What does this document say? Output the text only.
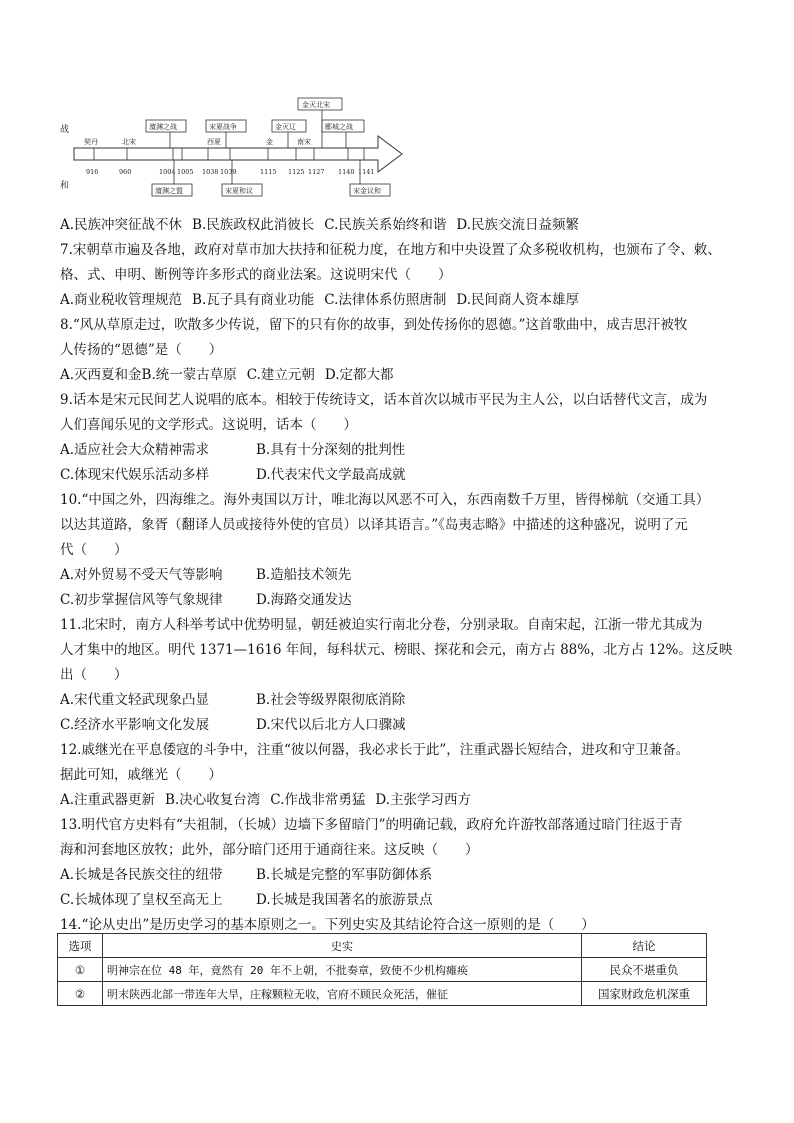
战
和
契丹	北宋	西夏	金	南宋
916	960	1004 1005 1038 1039	1115 1125 1127 1140 1141
澶渊之战	宋夏战争	金灭辽	郾城之战
金灭北宋
澶渊之盟	宋夏和议	宋金议和
A.民族冲突征战不休 B.民族政权此消彼长 C.民族关系始终和谐 D.民族交流日益频繁
7.宋朝草市遍及各地，政府对草市加大扶持和征税力度，在地方和中央设置了众多税收机构，也颁布了令、敕、
格、式、申明、断例等许多形式的商业法案。这说明宋代（　　）
A.商业税收管理规范 B.瓦子具有商业功能 C.法律体系仿照唐制 D.民间商人资本雄厚
8.“风从草原走过，吹散多少传说，留下的只有你的故事，到处传扬你的恩德。”这首歌曲中，成吉思汗被牧
人传扬的“恩德”是（　　）
A.灭西夏和金B.统一蒙古草原 C.建立元朝 D.定都大都
9.话本是宋元民间艺人说唱的底本。相较于传统诗文，话本首次以城市平民为主人公，以白话替代文言，成为
人们喜闻乐见的文学形式。这说明，话本（　　）
A.适应社会大众精神需求	B.具有十分深刻的批判性
C.体现宋代娱乐活动多样	D.代表宋代文学最高成就
10.“中国之外，四海维之。海外夷国以万计，唯北海以风恶不可入，东西南数千万里，皆得梯航（交通工具）
以达其道路，象胥（翻译人员或接待外使的官员）以译其语言。”《岛夷志略》中描述的这种盛况，说明了元
代（　　）
A.对外贸易不受天气等影响 B.造船技术领先
C.初步掌握信风等气象规律 D.海路交通发达
11.北宋时，南方人科举考试中优势明显，朝廷被迫实行南北分卷，分别录取。自南宋起，江浙一带尤其成为
人才集中的地区。明代 1371—1616 年间，每科状元、榜眼、探花和会元，南方占 88%，北方占 12%。这反映
出（　　）
A.宋代重文轻武现象凸显	B.社会等级界限彻底消除
C.经济水平影响文化发展	D.宋代以后北方人口骤减
12.戚继光在平息倭寇的斗争中，注重“彼以何器，我必求长于此”，注重武器长短结合，进攻和守卫兼备。
据此可知，戚继光（　　）
A.注重武器更新 B.决心收复台湾 C.作战非常勇猛 D.主张学习西方
13.明代官方史料有“夫祖制，（长城）边墙下多留暗门”的明确记载，政府允许游牧部落通过暗门往返于青
海和河套地区放牧；此外，部分暗门还用于通商往来。这反映（　　）
A.长城是各民族交往的纽带 B.长城是完整的军事防御体系
C.长城体现了皇权至高无上 D.长城是我国著名的旅游景点
14.“论从史出”是历史学习的基本原则之一。下列史实及其结论符合这一原则的是（　　）
选项	史实	结论
①	明神宗在位 48 年，竟然有 20 年不上朝，不批奏章，致使不少机构瘫痪	民众不堪重负
②	明末陕西北部一带连年大旱，庄稼颗粒无收，官府不顾民众死活，催征	国家财政危机深重
